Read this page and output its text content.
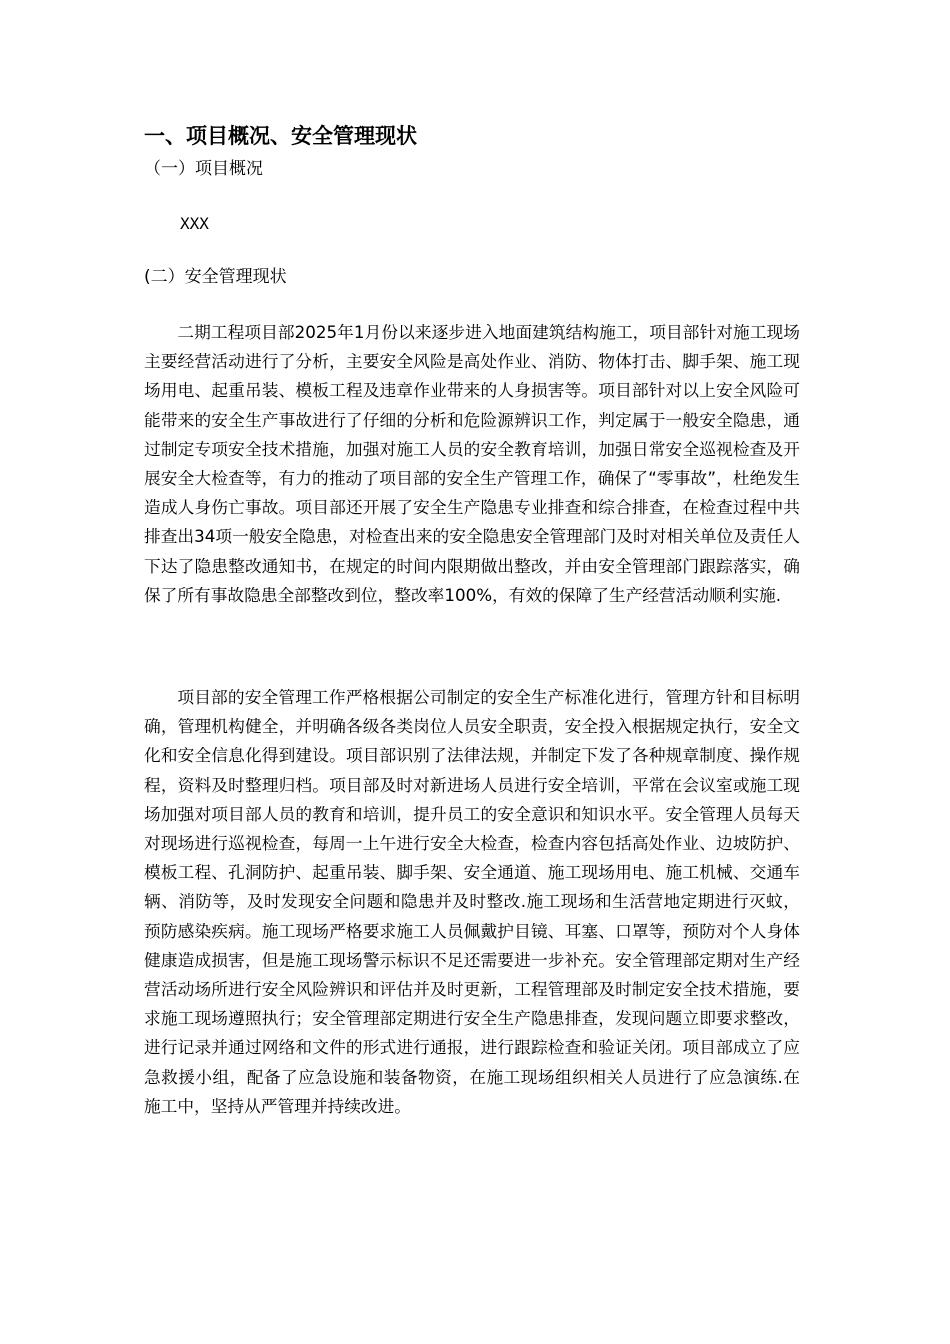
一、项目概况、安全管理现状
（一）项目概况
XXX
(二）安全管理现状

二期工程项目部2025年1月份以来逐步进入地面建筑结构施工，项目部针对施工现场主要经营活动进行了分析，主要安全风险是高处作业、消防、物体打击、脚手架、施工现场用电、起重吊装、模板工程及违章作业带来的人身损害等。项目部针对以上安全风险可能带来的安全生产事故进行了仔细的分析和危险源辨识工作，判定属于一般安全隐患，通过制定专项安全技术措施，加强对施工人员的安全教育培训，加强日常安全巡视检查及开展安全大检查等，有力的推动了项目部的安全生产管理工作，确保了“零事故”，杜绝发生造成人身伤亡事故。项目部还开展了安全生产隐患专业排查和综合排查，在检查过程中共排查出34项一般安全隐患，对检查出来的安全隐患安全管理部门及时对相关单位及责任人下达了隐患整改通知书，在规定的时间内限期做出整改，并由安全管理部门跟踪落实，确保了所有事故隐患全部整改到位，整改率100%，有效的保障了生产经营活动顺利实施.

项目部的安全管理工作严格根据公司制定的安全生产标准化进行，管理方针和目标明确，管理机构健全，并明确各级各类岗位人员安全职责，安全投入根据规定执行，安全文化和安全信息化得到建设。项目部识别了法律法规，并制定下发了各种规章制度、操作规程，资料及时整理归档。项目部及时对新进场人员进行安全培训，平常在会议室或施工现场加强对项目部人员的教育和培训，提升员工的安全意识和知识水平。安全管理人员每天对现场进行巡视检查，每周一上午进行安全大检查，检查内容包括高处作业、边坡防护、模板工程、孔洞防护、起重吊装、脚手架、安全通道、施工现场用电、施工机械、交通车辆、消防等，及时发现安全问题和隐患并及时整改.施工现场和生活营地定期进行灭蚊，预防感染疾病。施工现场严格要求施工人员佩戴护目镜、耳塞、口罩等，预防对个人身体健康造成损害，但是施工现场警示标识不足还需要进一步补充。安全管理部定期对生产经营活动场所进行安全风险辨识和评估并及时更新，工程管理部及时制定安全技术措施，要求施工现场遵照执行；安全管理部定期进行安全生产隐患排查，发现问题立即要求整改，进行记录并通过网络和文件的形式进行通报，进行跟踪检查和验证关闭。项目部成立了应急救援小组，配备了应急设施和装备物资，在施工现场组织相关人员进行了应急演练.在施工中，坚持从严管理并持续改进。
